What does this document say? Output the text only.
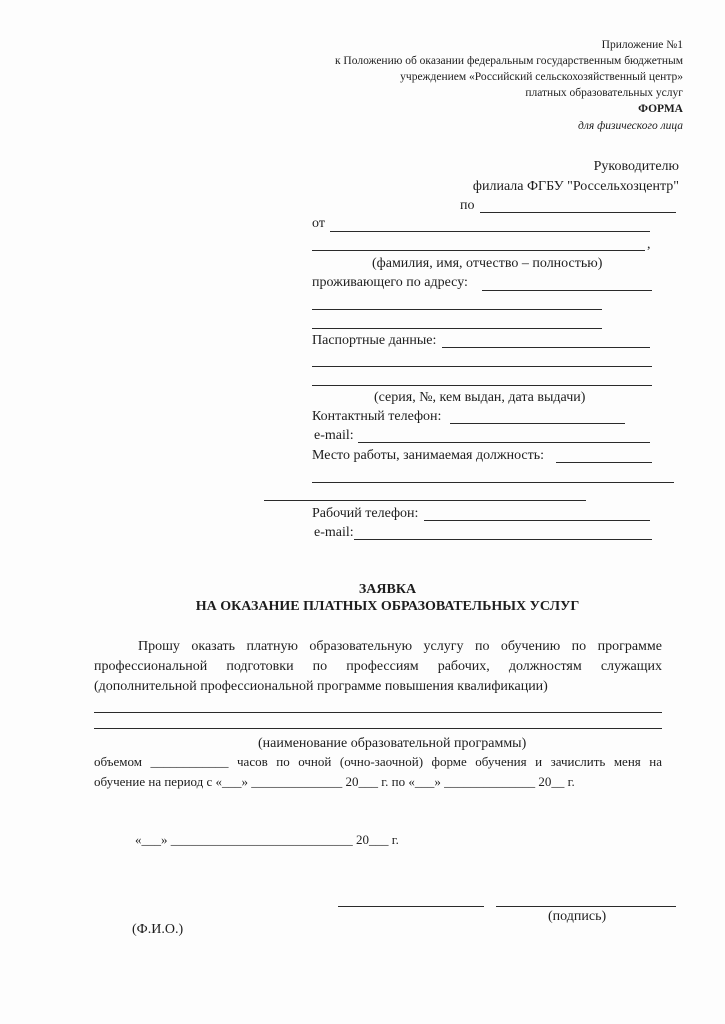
Приложение №1
к Положению об оказании федеральным государственным бюджетным
учреждением «Российский сельскохозяйственный центр»
платных образовательных услуг
ФОРМА
для физического лица
Руководителю
филиала ФГБУ "Россельхозцентр"
по
от
,
(фамилия, имя, отчество – полностью)
проживающего по адресу:
Паспортные данные:
(серия, №, кем выдан, дата выдачи)
Контактный телефон:
e-mail:
Место работы, занимаемая должность:
Рабочий телефон:
e-mail:
ЗАЯВКА
НА ОКАЗАНИЕ ПЛАТНЫХ ОБРАЗОВАТЕЛЬНЫХ УСЛУГ
Прошу оказать платную образовательную услугу по обучению по программе
профессиональной подготовки по профессиям рабочих, должностям служащих
(дополнительной профессиональной программе повышения квалификации)
(наименование образовательной программы)
объемом ____________ часов по очной (очно-заочной) форме обучения и зачислить меня на
обучение на период с «___» ______________ 20___ г. по «___» ______________ 20__ г.
«___» ____________________________ 20___ г.
(подпись)
(Ф.И.О.)
